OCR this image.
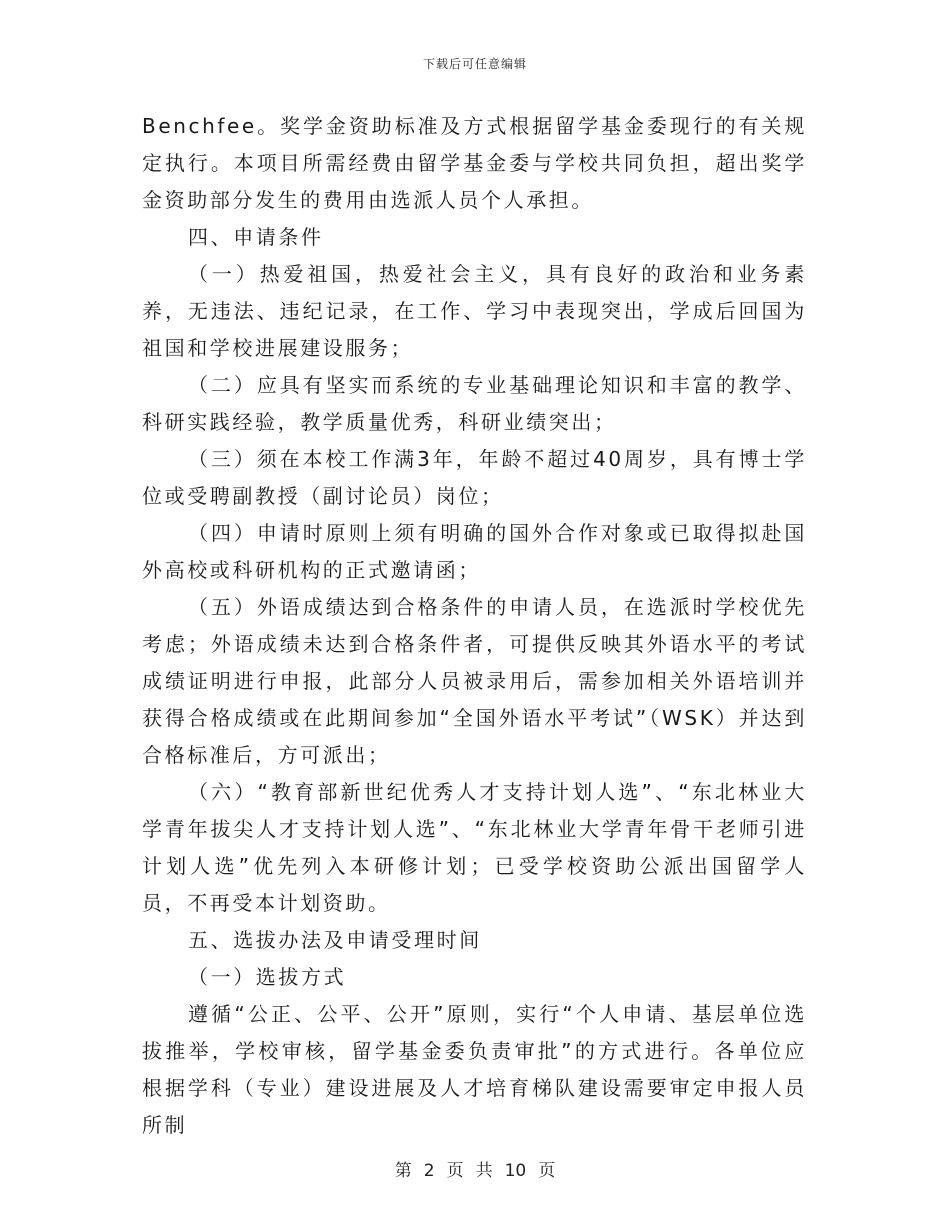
下载后可任意编辑

Benchfee。奖学金资助标准及方式根据留学基金委现行的有关规定执行。本项目所需经费由留学基金委与学校共同负担，超出奖学金资助部分发生的费用由选派人员个人承担。

四、申请条件

（一）热爱祖国，热爱社会主义，具有良好的政治和业务素养，无违法、违纪记录，在工作、学习中表现突出，学成后回国为祖国和学校进展建设服务；

（二）应具有坚实而系统的专业基础理论知识和丰富的教学、科研实践经验，教学质量优秀，科研业绩突出；

（三）须在本校工作满3年，年龄不超过40周岁，具有博士学位或受聘副教授（副讨论员）岗位；

（四）申请时原则上须有明确的国外合作对象或已取得拟赴国外高校或科研机构的正式邀请函；

（五）外语成绩达到合格条件的申请人员，在选派时学校优先考虑；外语成绩未达到合格条件者，可提供反映其外语水平的考试成绩证明进行申报，此部分人员被录用后，需参加相关外语培训并获得合格成绩或在此期间参加“全国外语水平考试”（WSK）并达到合格标准后，方可派出；

（六）“教育部新世纪优秀人才支持计划人选”、“东北林业大学青年拔尖人才支持计划人选”、“东北林业大学青年骨干老师引进计划人选”优先列入本研修计划；已受学校资助公派出国留学人员，不再受本计划资助。

五、选拔办法及申请受理时间

（一）选拔方式

遵循“公正、公平、公开”原则，实行“个人申请、基层单位选拔推举，学校审核，留学基金委负责审批”的方式进行。各单位应根据学科（专业）建设进展及人才培育梯队建设需要审定申报人员所制

第 2 页 共 10 页
